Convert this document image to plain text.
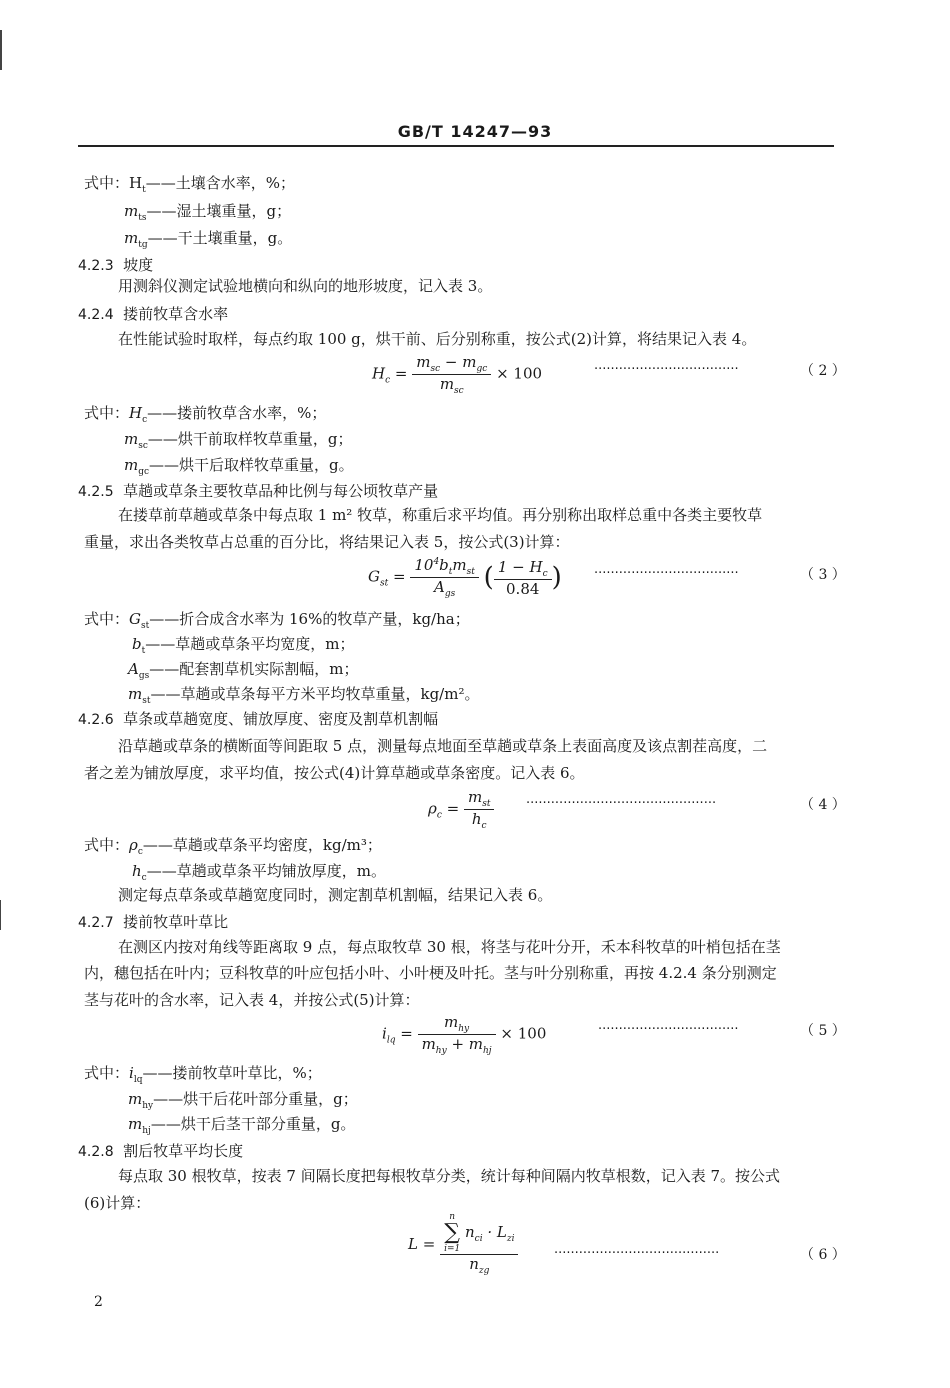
GB/T 14247—93
式中：$H_t——$土壤含水率，%；
$m_{ts}——$湿土壤重量，g；
$m_{tg}——$干土壤重量，g。
4.2.3 坡度
用测斜仪测定试验地横向和纵向的地形坡度，记入表 3。
4.2.4 搂前牧草含水率
在性能试验时取样，每点约取 100 g，烘干前、后分别称重，按公式(2)计算，将结果记入表 4。
$H_c = \frac{m_{sc} - m_{gc}}{m_{sc}} \times 100$	···································	（ 2 ）
式中：$H_c——$搂前牧草含水率，%；
$m_{sc}——$烘干前取样牧草重量，g；
$m_{gc}——$烘干后取样牧草重量，g。
4.2.5 草趟或草条主要牧草品种比例与每公顷牧草产量
在搂草前草趟或草条中每点取 1 m² 牧草，称重后求平均值。再分别称出取样总重中各类主要牧草
重量，求出各类牧草占总重的百分比，将结果记入表 5，按公式(3)计算：
$G_{st} = \frac{10^4b_tm_{st}}{A_{gs}}$ ( $\frac{1 - H_c}{0.84}$ ) ···································	（ 3 ）
式中：$G_{st}——$折合成含水率为 16%的牧草产量，kg/ha；
$b_t——$草趟或草条平均宽度，m；
$A_{gs}——$配套割草机实际割幅，m；
$m_{st}——$草趟或草条每平方米平均牧草重量，kg/m²。
4.2.6 草条或草趟宽度、铺放厚度、密度及割草机割幅
沿草趟或草条的横断面等间距取 5 点，测量每点地面至草趟或草条上表面高度及该点割茬高度，二
者之差为铺放厚度，求平均值，按公式(4)计算草趟或草条密度。记入表 6。
$\rho_c = \frac{m_{st}}{h_c}$ ··············································	（ 4 ）
式中：$\rho_c——$草趟或草条平均密度，kg/m³；
$h_c——$草趟或草条平均铺放厚度，m。
测定每点草条或草趟宽度同时，测定割草机割幅，结果记入表 6。
4.2.7 搂前牧草叶草比
在测区内按对角线等距离取 9 点，每点取牧草 30 根，将茎与花叶分开，禾本科牧草的叶梢包括在茎
内，穗包括在叶内；豆科牧草的叶应包括小叶、小叶梗及叶托。茎与叶分别称重，再按 4.2.4 条分别测定
茎与花叶的含水率，记入表 4，并按公式(5)计算：
$i_{lq} = \frac{m_{hy}}{m_{hy} + m_{hj}} \times 100$	··································	（ 5 ）
式中：$i_{lq}——$搂前牧草叶草比，%；
$m_{hy}——$烘干后花叶部分重量，g；
$m_{hj}——$烘干后茎干部分重量，g。
4.2.8 割后牧草平均长度
每点取 30 根牧草，按表 7 间隔长度把每根牧草分类，统计每种间隔内牧草根数，记入表 7。按公式
(6)计算：
L = n
∑
i=1
$n_{ci} \cdot L_{zi}$
$n_{zg}$	········································	（ 6 ）
2
